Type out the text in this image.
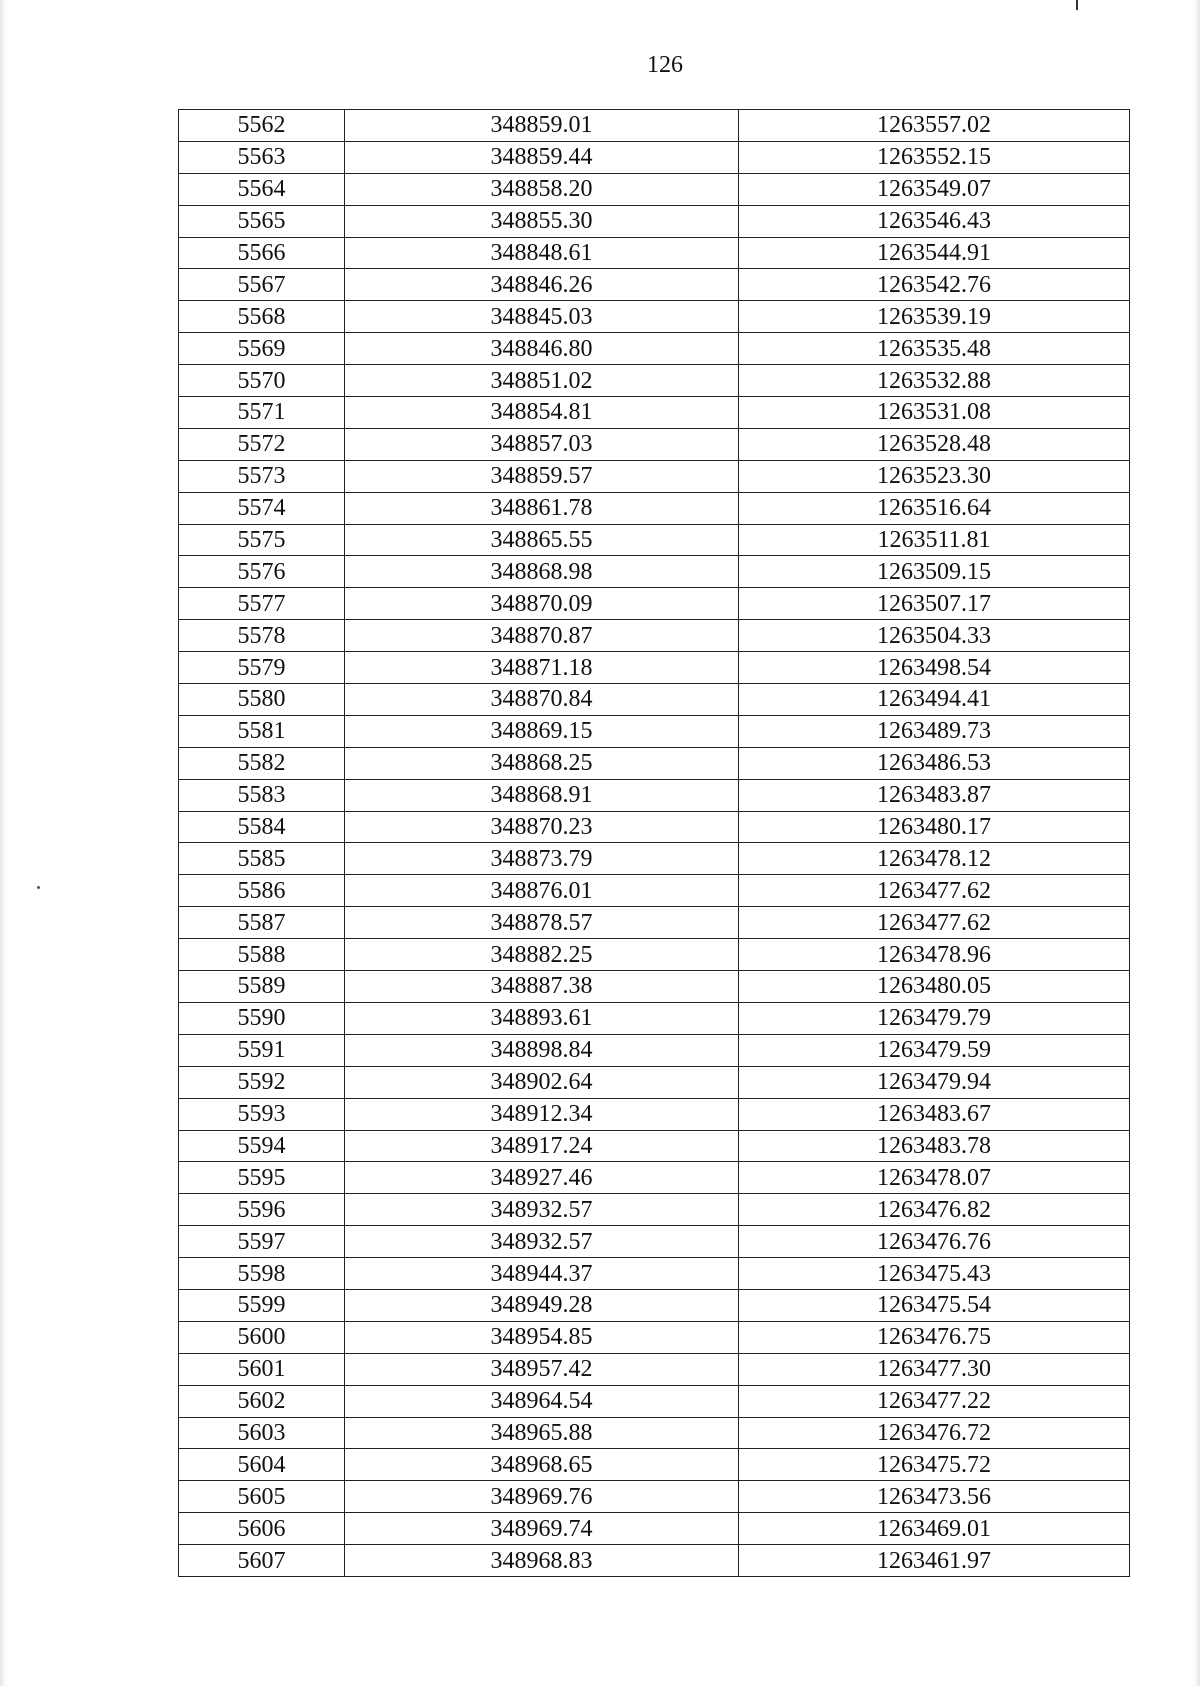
126
5562	348859.01	1263557.02
5563	348859.44	1263552.15
5564	348858.20	1263549.07
5565	348855.30	1263546.43
5566	348848.61	1263544.91
5567	348846.26	1263542.76
5568	348845.03	1263539.19
5569	348846.80	1263535.48
5570	348851.02	1263532.88
5571	348854.81	1263531.08
5572	348857.03	1263528.48
5573	348859.57	1263523.30
5574	348861.78	1263516.64
5575	348865.55	1263511.81
5576	348868.98	1263509.15
5577	348870.09	1263507.17
5578	348870.87	1263504.33
5579	348871.18	1263498.54
5580	348870.84	1263494.41
5581	348869.15	1263489.73
5582	348868.25	1263486.53
5583	348868.91	1263483.87
5584	348870.23	1263480.17
5585	348873.79	1263478.12
5586	348876.01	1263477.62
5587	348878.57	1263477.62
5588	348882.25	1263478.96
5589	348887.38	1263480.05
5590	348893.61	1263479.79
5591	348898.84	1263479.59
5592	348902.64	1263479.94
5593	348912.34	1263483.67
5594	348917.24	1263483.78
5595	348927.46	1263478.07
5596	348932.57	1263476.82
5597	348932.57	1263476.76
5598	348944.37	1263475.43
5599	348949.28	1263475.54
5600	348954.85	1263476.75
5601	348957.42	1263477.30
5602	348964.54	1263477.22
5603	348965.88	1263476.72
5604	348968.65	1263475.72
5605	348969.76	1263473.56
5606	348969.74	1263469.01
5607	348968.83	1263461.97
